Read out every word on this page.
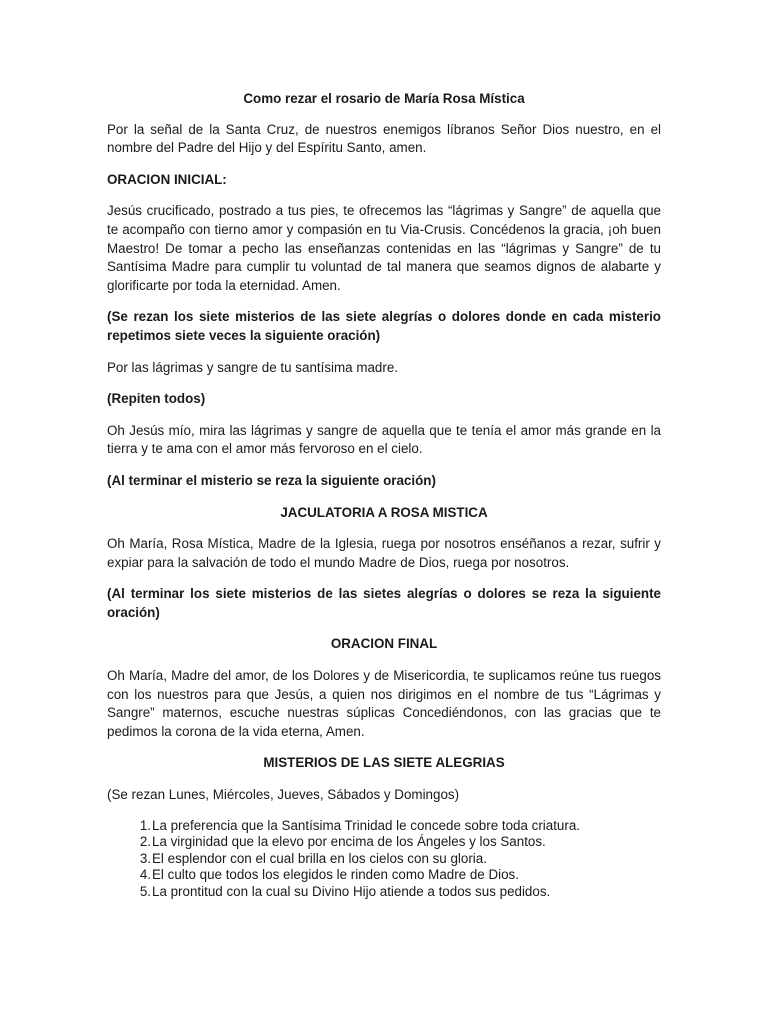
Como rezar el rosario de María Rosa Mística

Por la señal de la Santa Cruz, de nuestros enemigos líbranos Señor Dios nuestro, en el nombre del Padre del Hijo y del Espíritu Santo, amen.

ORACION INICIAL:

Jesús crucificado, postrado a tus pies, te ofrecemos las “lágrimas y Sangre” de aquella que te acompaño con tierno amor y compasión en tu Via-Crusis. Concédenos la gracia, ¡oh buen Maestro! De tomar a pecho las enseñanzas contenidas en las “lágrimas y Sangre” de tu Santísima Madre para cumplir tu voluntad de tal manera que seamos dignos de alabarte y glorificarte por toda la eternidad. Amen.

(Se rezan los siete misterios de las siete alegrías o dolores donde en cada misterio repetimos siete veces la siguiente oración)

Por las lágrimas y sangre de tu santísima madre.

(Repiten todos)

Oh Jesús mío, mira las lágrimas y sangre de aquella que te tenía el amor más grande en la tierra y te ama con el amor más fervoroso en el cielo.

(Al terminar el misterio se reza la siguiente oración)

JACULATORIA A ROSA MISTICA

Oh María, Rosa Mística, Madre de la Iglesia, ruega por nosotros enséñanos a rezar, sufrir y expiar para la salvación de todo el mundo Madre de Dios, ruega por nosotros.

(Al terminar los siete misterios de las sietes alegrías o dolores se reza la siguiente oración)

ORACION FINAL

Oh María, Madre del amor, de los Dolores y de Misericordia, te suplicamos reúne tus ruegos con los nuestros para que Jesús, a quien nos dirigimos en el nombre de tus “Lágrimas y Sangre” maternos, escuche nuestras súplicas Concediéndonos, con las gracias que te pedimos la corona de la vida eterna, Amen.

MISTERIOS DE LAS SIETE ALEGRIAS

(Se rezan Lunes, Miércoles, Jueves, Sábados y Domingos)

1. La preferencia que la Santísima Trinidad le concede sobre toda criatura.
2. La virginidad que la elevo por encima de los Ángeles y los Santos.
3. El esplendor con el cual brilla en los cielos con su gloria.
4. El culto que todos los elegidos le rinden como Madre de Dios.
5. La prontitud con la cual su Divino Hijo atiende a todos sus pedidos.
